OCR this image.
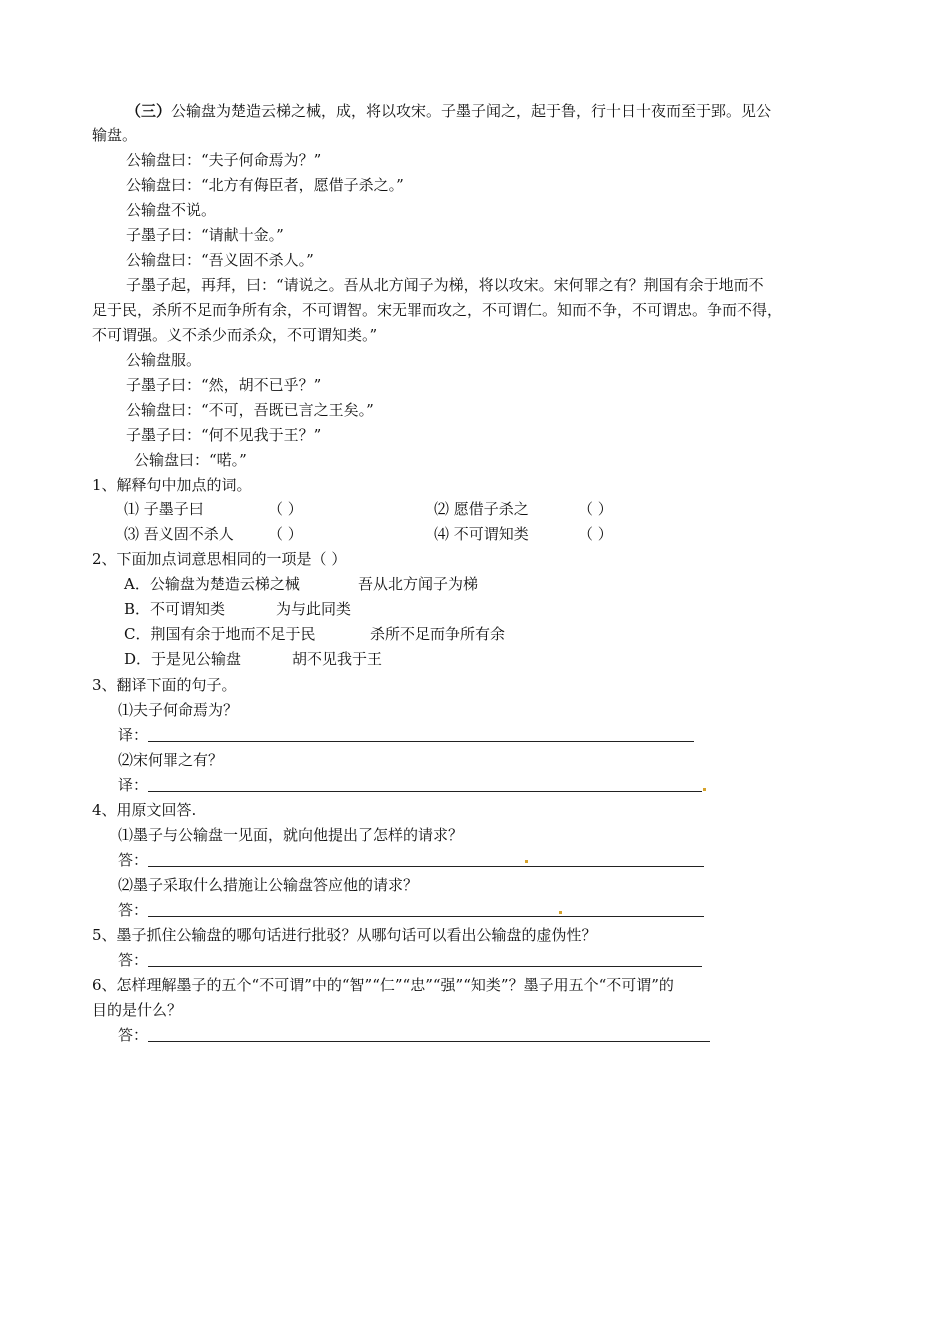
（三）公输盘为楚造云梯之械，成，将以攻宋。子墨子闻之，起于鲁，行十日十夜而至于郢。见公
输盘。
公输盘曰：“夫子何命焉为？”
公输盘曰：“北方有侮臣者，愿借子杀之。”
公输盘不说。
子墨子曰：“请献十金。”
公输盘曰：“吾义固不杀人。”
子墨子起，再拜，曰：“请说之。吾从北方闻子为梯，将以攻宋。宋何罪之有？荆国有余于地而不
足于民，杀所不足而争所有余，不可谓智。宋无罪而攻之，不可谓仁。知而不争，不可谓忠。争而不得，
不可谓强。义不杀少而杀众，不可谓知类。”
公输盘服。
子墨子曰：“然，胡不已乎？”
公输盘曰：“不可，吾既已言之王矣。”
子墨子曰：“何不见我于王？”
公输盘曰：“喏。”
1、解释句中加点的词。
⑴ 子墨子曰	（ ）	⑵ 愿借子杀之	（ ）
⑶ 吾义固不杀人 （ ）	⑷ 不可谓知类	（ ）
2、下面加点词意思相同的一项是（ ）
A．公输盘为楚造云梯之械	吾从北方闻子为梯
B．不可谓知类	为与此同类
C．荆国有余于地而不足于民	杀所不足而争所有余
D．于是见公输盘	胡不见我于王
3、翻译下面的句子。
⑴夫子何命焉为？
译：
⑵宋何罪之有？
译：
4、用原文回答.
⑴墨子与公输盘一见面，就向他提出了怎样的请求？
答：
⑵墨子采取什么措施让公输盘答应他的请求？
答：
5、墨子抓住公输盘的哪句话进行批驳？从哪句话可以看出公输盘的虚伪性？
答：
6、怎样理解墨子的五个“不可谓”中的“智”“仁”“忠”“强”“知类”？墨子用五个“不可谓”的
目的是什么？
答：
